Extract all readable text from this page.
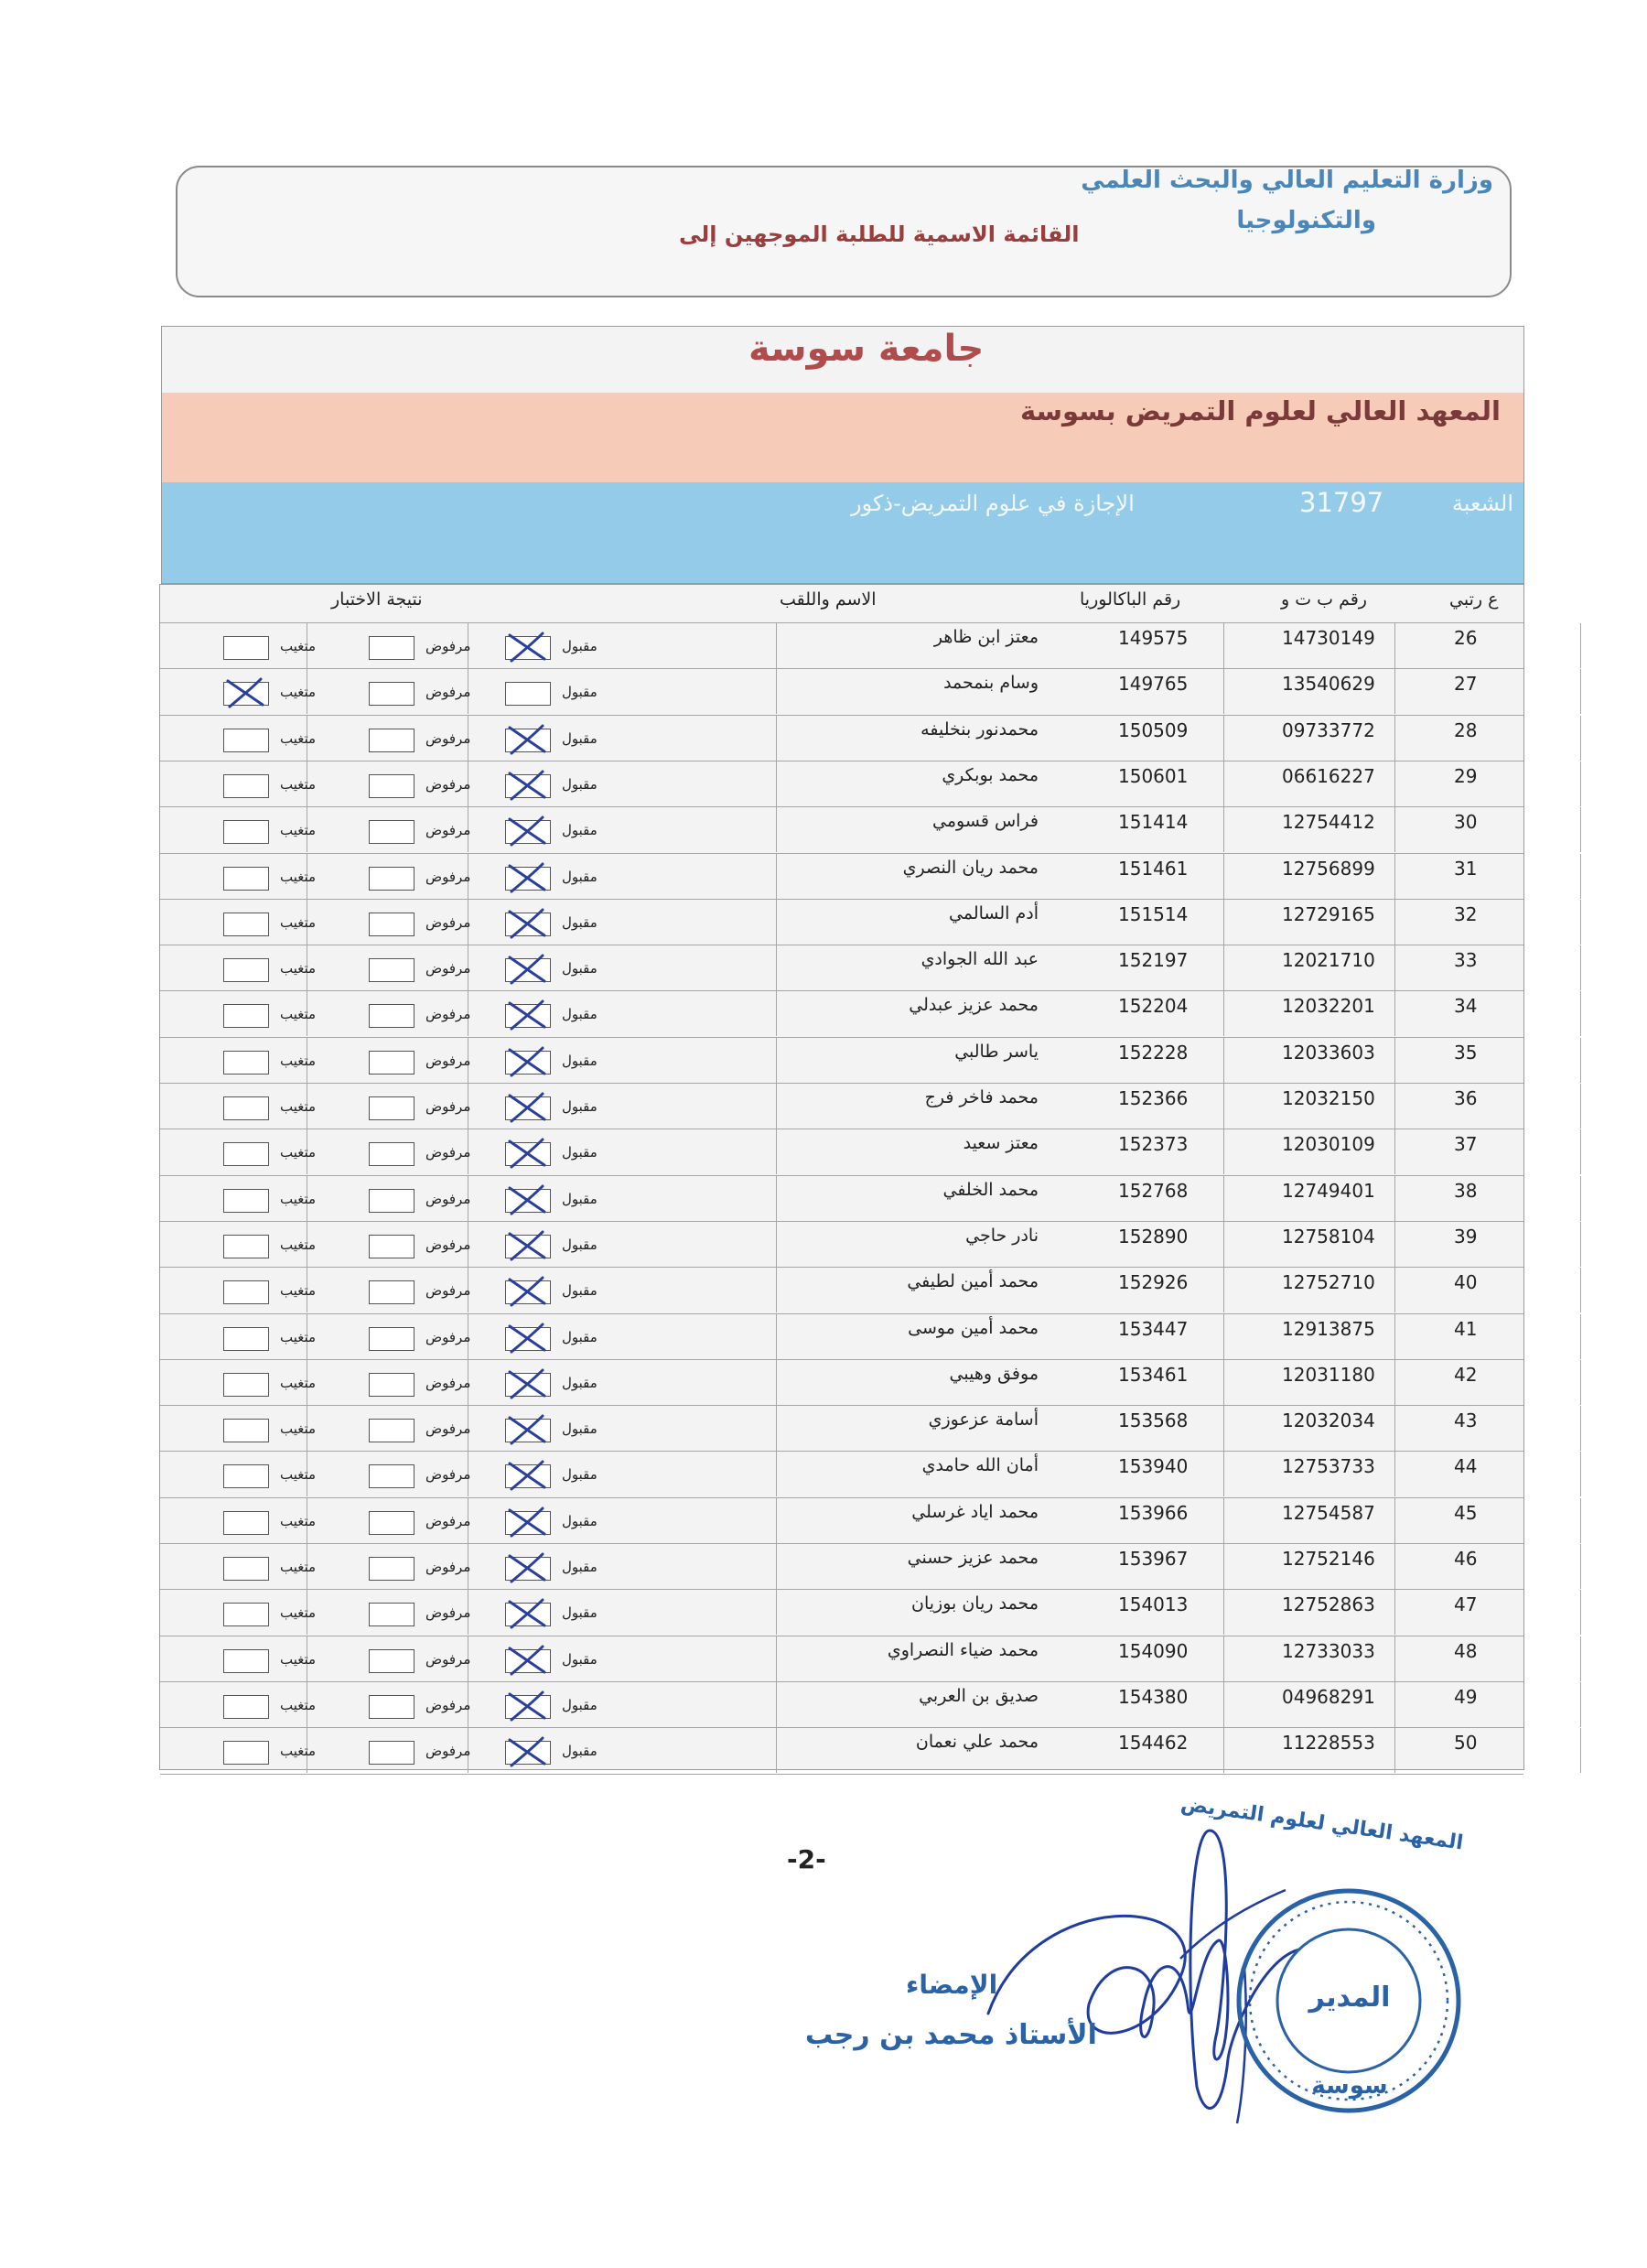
وزارة التعليم العالي والبحث العلمي
والتكنولوجيا
القائمة الاسمية للطلبة الموجهين إلى
جامعة سوسة
المعهد العالي لعلوم التمريض بسوسة
الشعبة
31797
الإجازة في علوم التمريض-ذكور
ع رتبي
رقم ب ت و
رقم الباكالوريا
الاسم واللقب
نتيجة الاختبار
26
14730149
149575
معتز ابن ظاهر
مقبول
مرفوض
متغيب
27
13540629
149765
وسام بنمحمد
مقبول
مرفوض
متغيب
28
09733772
150509
محمدنور بنخليفه
مقبول
مرفوض
متغيب
29
06616227
150601
محمد بوبكري
مقبول
مرفوض
متغيب
30
12754412
151414
فراس قسومي
مقبول
مرفوض
متغيب
31
12756899
151461
محمد ريان النصري
مقبول
مرفوض
متغيب
32
12729165
151514
أدم السالمي
مقبول
مرفوض
متغيب
33
12021710
152197
عبد الله الجوادي
مقبول
مرفوض
متغيب
34
12032201
152204
محمد عزيز عبدلي
مقبول
مرفوض
متغيب
35
12033603
152228
ياسر طالبي
مقبول
مرفوض
متغيب
36
12032150
152366
محمد فاخر فرج
مقبول
مرفوض
متغيب
37
12030109
152373
معتز سعيد
مقبول
مرفوض
متغيب
38
12749401
152768
محمد الخلفي
مقبول
مرفوض
متغيب
39
12758104
152890
نادر حاجي
مقبول
مرفوض
متغيب
40
12752710
152926
محمد أمين لطيفي
مقبول
مرفوض
متغيب
41
12913875
153447
محمد أمين موسى
مقبول
مرفوض
متغيب
42
12031180
153461
موفق وهيبي
مقبول
مرفوض
متغيب
43
12032034
153568
أسامة عزعوزي
مقبول
مرفوض
متغيب
44
12753733
153940
أمان الله حامدي
مقبول
مرفوض
متغيب
45
12754587
153966
محمد اياد غرسلي
مقبول
مرفوض
متغيب
46
12752146
153967
محمد عزيز حسني
مقبول
مرفوض
متغيب
47
12752863
154013
محمد ريان بوزيان
مقبول
مرفوض
متغيب
48
12733033
154090
محمد ضياء النصراوي
مقبول
مرفوض
متغيب
49
04968291
154380
صديق بن العربي
مقبول
مرفوض
متغيب
50
11228553
154462
محمد علي نعمان
مقبول
مرفوض
متغيب
-2-
المعهد العالي لعلوم التمريض
المدير
سوسة
الإمضاء
الأستاذ محمد بن رجب
